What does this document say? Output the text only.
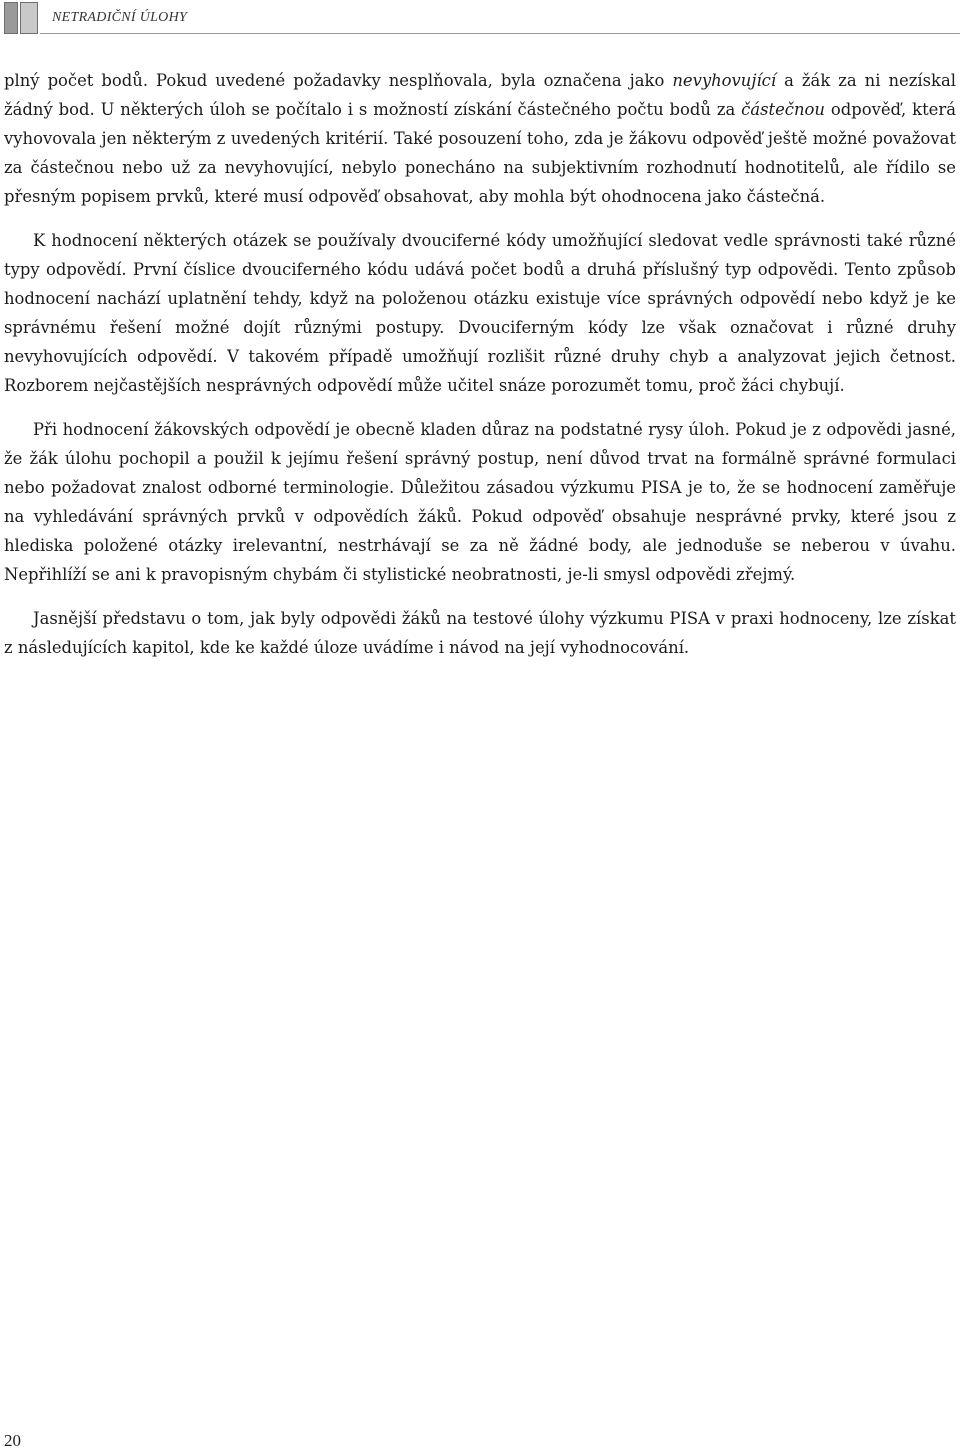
NETRADIČNÍ ÚLOHY

plný počet bodů. Pokud uvedené požadavky nesplňovala, byla označena jako nevyhovující a žák za ni nezískal žádný bod. U některých úloh se počítalo i s možností získání částečného počtu bodů za částečnou odpověď, která vyhovovala jen některým z uvedených kritérií. Také posouzení toho, zda je žákovu odpověď ještě možné považovat za částečnou nebo už za nevyhovující, nebylo ponecháno na subjektivním rozhodnutí hodnotitelů, ale řídilo se přesným popisem prvků, které musí odpověď obsahovat, aby mohla být ohodnocena jako částečná.

K hodnocení některých otázek se používaly dvouciferné kódy umožňující sledovat vedle správnosti také různé typy odpovědí. První číslice dvouciferného kódu udává počet bodů a druhá příslušný typ odpovědi. Tento způsob hodnocení nachází uplatnění tehdy, když na položenou otázku existuje více správných odpovědí nebo když je ke správnému řešení možné dojít různými postupy. Dvouciferným kódy lze však označovat i různé druhy nevyhovujících odpovědí. V takovém případě umožňují rozlišit různé druhy chyb a analyzovat jejich četnost. Rozborem nejčastějších nesprávných odpovědí může učitel snáze porozumět tomu, proč žáci chybují.

Při hodnocení žákovských odpovědí je obecně kladen důraz na podstatné rysy úloh. Pokud je z odpovědi jasné, že žák úlohu pochopil a použil k jejímu řešení správný postup, není důvod trvat na formálně správné formulaci nebo požadovat znalost odborné terminologie. Důležitou zásadou výzkumu PISA je to, že se hodnocení zaměřuje na vyhledávání správných prvků v odpovědích žáků. Pokud odpověď obsahuje nesprávné prvky, které jsou z hlediska položené otázky irelevantní, nestrhávají se za ně žádné body, ale jednoduše se neberou v úvahu. Nepřihlíží se ani k pravopisným chybám či stylistické neobratnosti, je-li smysl odpovědi zřejmý.

Jasnější představu o tom, jak byly odpovědi žáků na testové úlohy výzkumu PISA v praxi hodnoceny, lze získat z následujících kapitol, kde ke každé úloze uvádíme i návod na její vyhodnocování.

20
